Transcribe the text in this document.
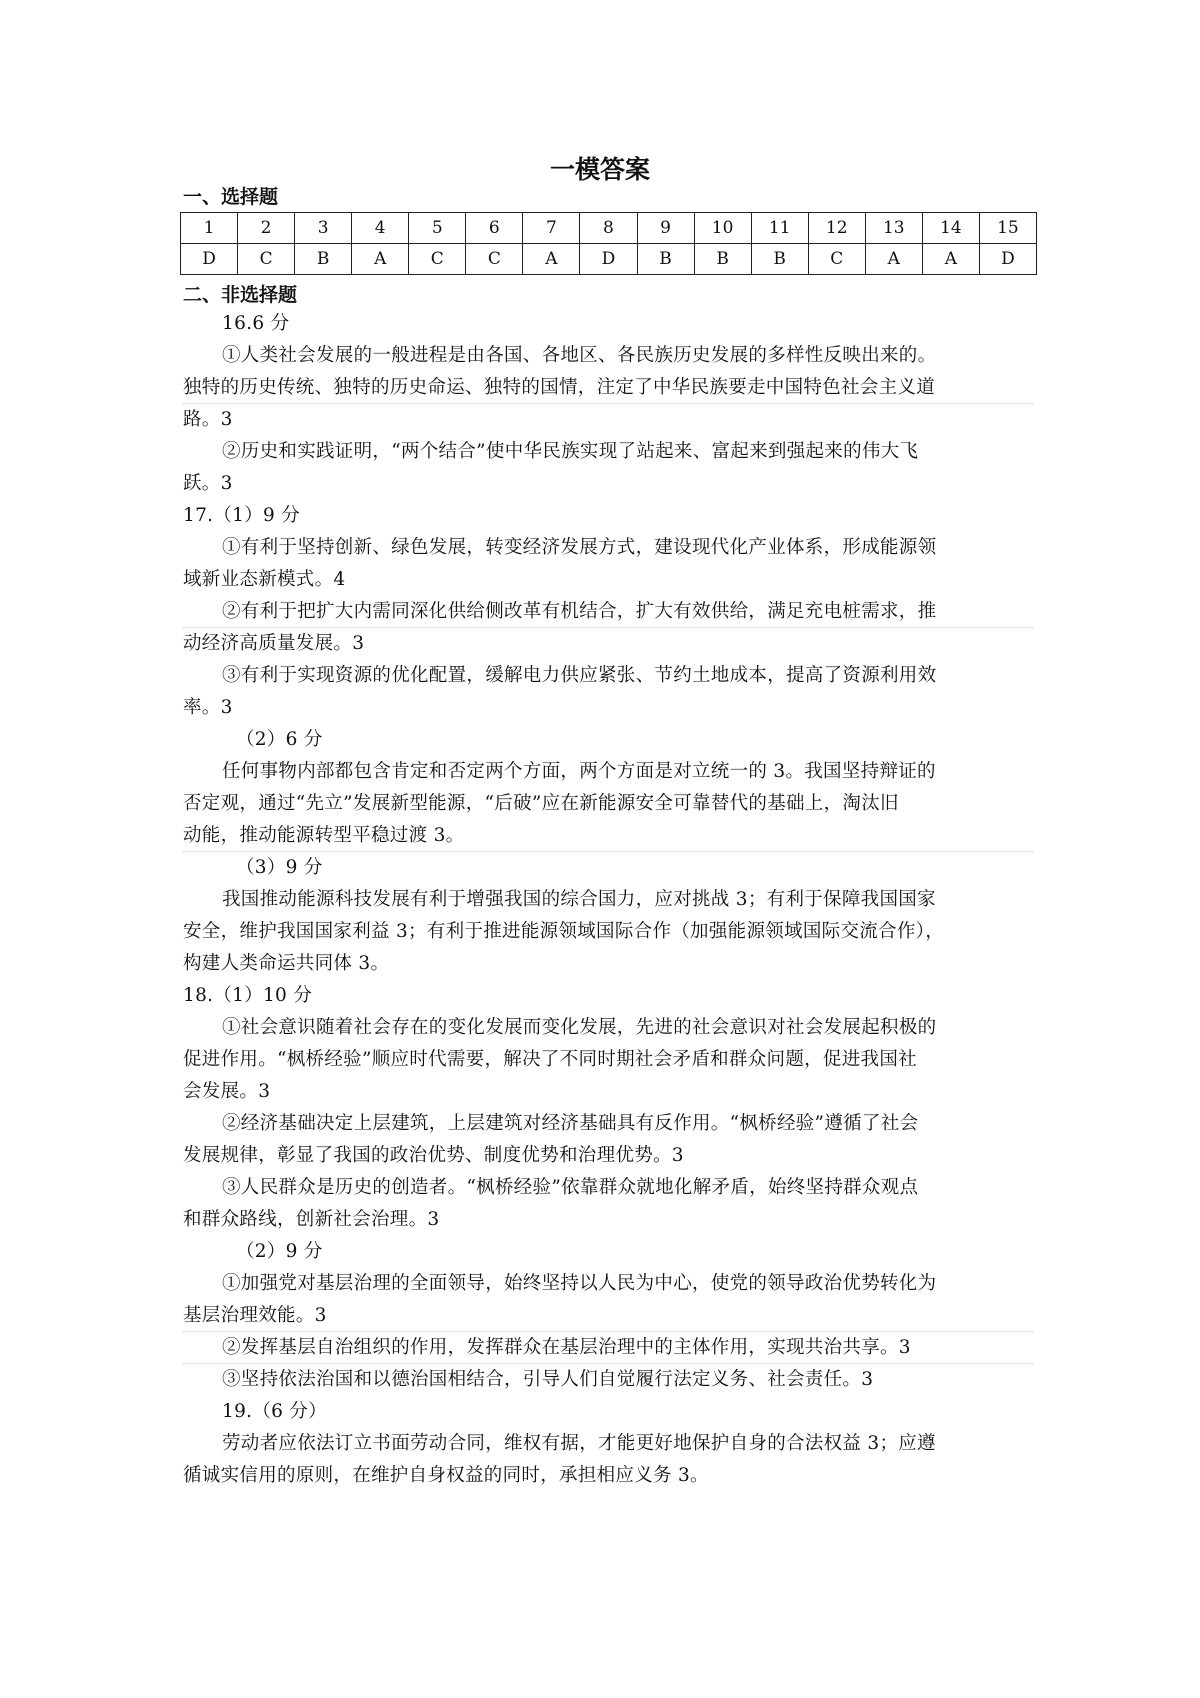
一模答案
一、选择题
1	2	3	4	5	6	7	8	9	10	11	12	13	14	15
D	C	B	A	C	C	A	D	B	B	B	C	A	A	D
二、非选择题
16.6 分
①人类社会发展的一般进程是由各国、各地区、各民族历史发展的多样性反映出来的。
独特的历史传统、独特的历史命运、独特的国情，注定了中华民族要走中国特色社会主义道
路。3
②历史和实践证明，“两个结合”使中华民族实现了站起来、富起来到强起来的伟大飞
跃。3
17.（1）9 分
①有利于坚持创新、绿色发展，转变经济发展方式，建设现代化产业体系，形成能源领
域新业态新模式。4
②有利于把扩大内需同深化供给侧改革有机结合，扩大有效供给，满足充电桩需求，推
动经济高质量发展。3
③有利于实现资源的优化配置，缓解电力供应紧张、节约土地成本，提高了资源利用效
率。3
（2）6 分
任何事物内部都包含肯定和否定两个方面，两个方面是对立统一的 3。我国坚持辩证的
否定观，通过“先立”发展新型能源，“后破”应在新能源安全可靠替代的基础上，淘汰旧
动能，推动能源转型平稳过渡 3。
（3）9 分
我国推动能源科技发展有利于增强我国的综合国力，应对挑战 3；有利于保障我国国家
安全，维护我国国家利益 3；有利于推进能源领域国际合作（加强能源领域国际交流合作），
构建人类命运共同体 3。
18.（1）10 分
①社会意识随着社会存在的变化发展而变化发展，先进的社会意识对社会发展起积极的
促进作用。“枫桥经验”顺应时代需要，解决了不同时期社会矛盾和群众问题，促进我国社
会发展。3
②经济基础决定上层建筑，上层建筑对经济基础具有反作用。“枫桥经验”遵循了社会
发展规律，彰显了我国的政治优势、制度优势和治理优势。3
③人民群众是历史的创造者。“枫桥经验”依靠群众就地化解矛盾，始终坚持群众观点
和群众路线，创新社会治理。3
（2）9 分
①加强党对基层治理的全面领导，始终坚持以人民为中心，使党的领导政治优势转化为
基层治理效能。3
②发挥基层自治组织的作用，发挥群众在基层治理中的主体作用，实现共治共享。3
③坚持依法治国和以德治国相结合，引导人们自觉履行法定义务、社会责任。3
19.（6 分）
劳动者应依法订立书面劳动合同，维权有据，才能更好地保护自身的合法权益 3；应遵
循诚实信用的原则，在维护自身权益的同时，承担相应义务 3。
